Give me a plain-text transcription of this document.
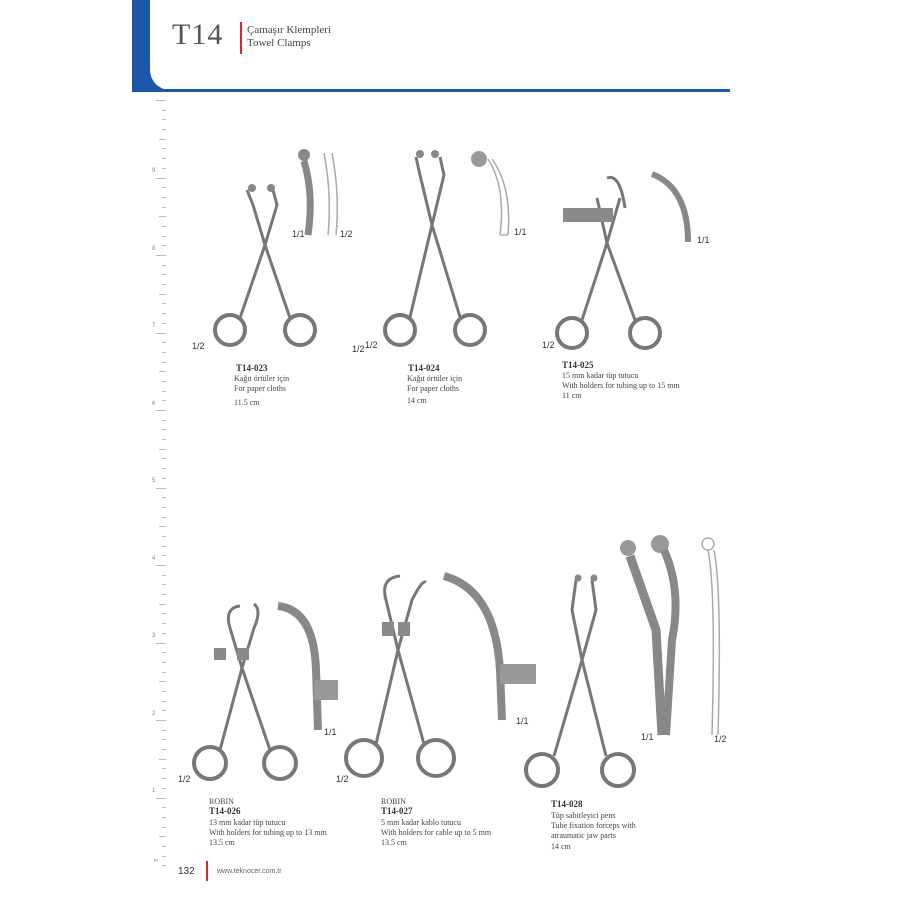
T14 Çamaşır Klempleri
Towel Clamps
9
8
7
6
5
4
3
2
1
1/2
1/1	1/2
T14-023
Kağıt örtüler için
For paper cloths
11.5 cm
1/2 1/2
1/1
T14-024
Kağıt örtüler için
For paper cloths
14 cm
1/2
1/1
T14-025
15 mm kadar tüp tutucu
With holders for tubing up to 15 mm
11 cm
1/2
1/1
ROBIN
T14-026
13 mm kadar tüp tutucu
With holders for tubing up to 13 mm
13.5 cm
1/2
1/1
ROBIN
T14-027
5 mm kadar kablo tutucu
With holders for cable up to 5 mm
13.5 cm
1/1	1/2
T14-028
Tüp sabitleyici pens
Tube fixation forceps with
atraumatic jaw parts
14 cm
in
132	www.teknocer.com.tr
